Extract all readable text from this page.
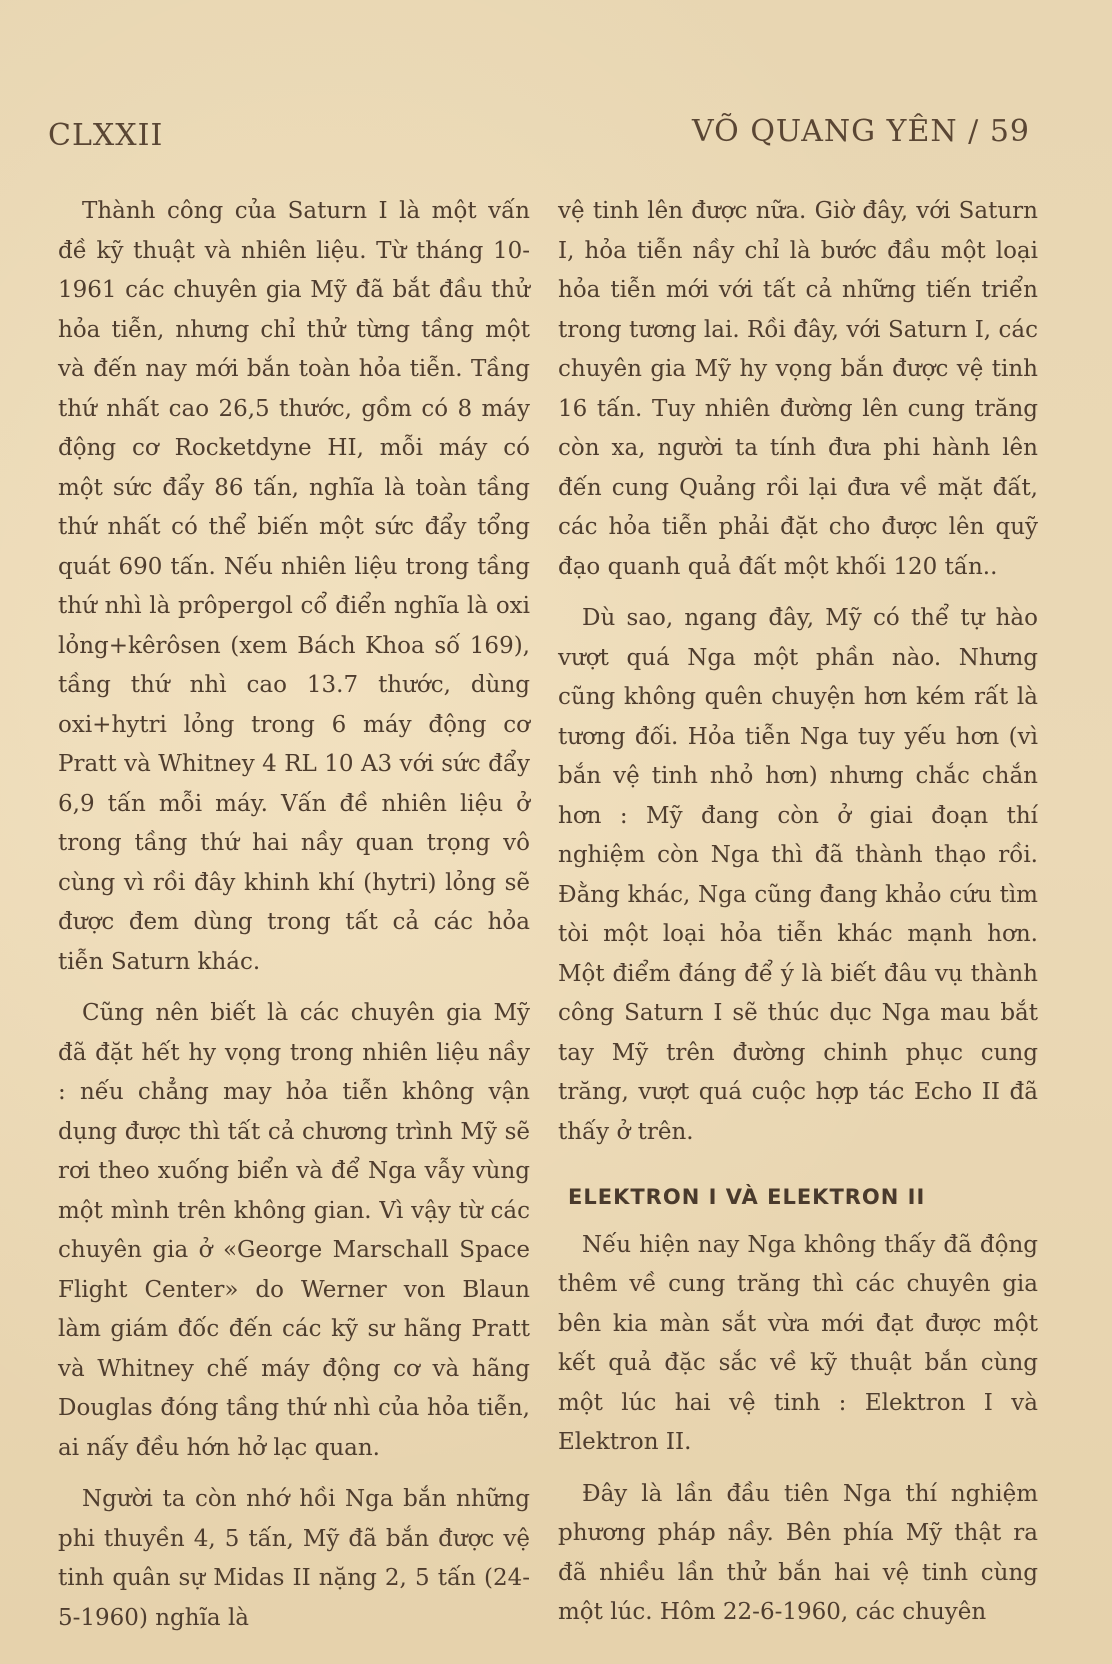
CLXXII	VÕ QUANG YÊN / 59

Thành công của Saturn I là một vấn đề kỹ thuật và nhiên liệu. Từ tháng 10-1961 các chuyên gia Mỹ đã bắt đầu thử hỏa tiễn, nhưng chỉ thử từng tầng một và đến nay mới bắn toàn hỏa tiễn. Tầng thứ nhất cao 26,5 thước, gồm có 8 máy động cơ Rocketdyne HI, mỗi máy có một sức đẩy 86 tấn, nghĩa là toàn tầng thứ nhất có thể biến một sức đẩy tổng quát 690 tấn. Nếu nhiên liệu trong tầng thứ nhì là prôpergol cổ điển nghĩa là oxi lỏng+kêrôsen (xem Bách Khoa số 169), tầng thứ nhì cao 13.7 thước, dùng oxi+hytri lỏng trong 6 máy động cơ Pratt và Whitney 4 RL 10 A3 với sức đẩy 6,9 tấn mỗi máy. Vấn đề nhiên liệu ở trong tầng thứ hai nầy quan trọng vô cùng vì rồi đây khinh khí (hytri) lỏng sẽ được đem dùng trong tất cả các hỏa tiễn Saturn khác.

Cũng nên biết là các chuyên gia Mỹ đã đặt hết hy vọng trong nhiên liệu nầy : nếu chẳng may hỏa tiễn không vận dụng được thì tất cả chương trình Mỹ sẽ rơi theo xuống biển và để Nga vẫy vùng một mình trên không gian. Vì vậy từ các chuyên gia ở «George Marschall Space Flight Center» do Werner von Blaun làm giám đốc đến các kỹ sư hãng Pratt và Whitney chế máy động cơ và hãng Douglas đóng tầng thứ nhì của hỏa tiễn, ai nấy đều hớn hở lạc quan.

Người ta còn nhớ hồi Nga bắn những phi thuyền 4, 5 tấn, Mỹ đã bắn được vệ tinh quân sự Midas II nặng 2, 5 tấn (24-5-1960) nghĩa là

vệ tinh lên được nữa. Giờ đây, với Saturn I, hỏa tiễn nầy chỉ là bước đầu một loại hỏa tiễn mới với tất cả những tiến triển trong tương lai. Rồi đây, với Saturn I, các chuyên gia Mỹ hy vọng bắn được vệ tinh 16 tấn. Tuy nhiên đường lên cung trăng còn xa, người ta tính đưa phi hành lên đến cung Quảng rồi lại đưa về mặt đất, các hỏa tiễn phải đặt cho được lên quỹ đạo quanh quả đất một khối 120 tấn..

Dù sao, ngang đây, Mỹ có thể tự hào vượt quá Nga một phần nào. Nhưng cũng không quên chuyện hơn kém rất là tương đối. Hỏa tiễn Nga tuy yếu hơn (vì bắn vệ tinh nhỏ hơn) nhưng chắc chắn hơn : Mỹ đang còn ở giai đoạn thí nghiệm còn Nga thì đã thành thạo rồi. Đằng khác, Nga cũng đang khảo cứu tìm tòi một loại hỏa tiễn khác mạnh hơn. Một điểm đáng để ý là biết đâu vụ thành công Saturn I sẽ thúc dục Nga mau bắt tay Mỹ trên đường chinh phục cung trăng, vượt quá cuộc hợp tác Echo II đã thấy ở trên.

ELEKTRON I VÀ ELEKTRON II

Nếu hiện nay Nga không thấy đã động thêm về cung trăng thì các chuyên gia bên kia màn sắt vừa mới đạt được một kết quả đặc sắc về kỹ thuật bắn cùng một lúc hai vệ tinh : Elektron I và Elektron II.

Đây là lần đầu tiên Nga thí nghiệm phương pháp nầy. Bên phía Mỹ thật ra đã nhiều lần thử bắn hai vệ tinh cùng một lúc. Hôm 22-6-1960, các chuyên
